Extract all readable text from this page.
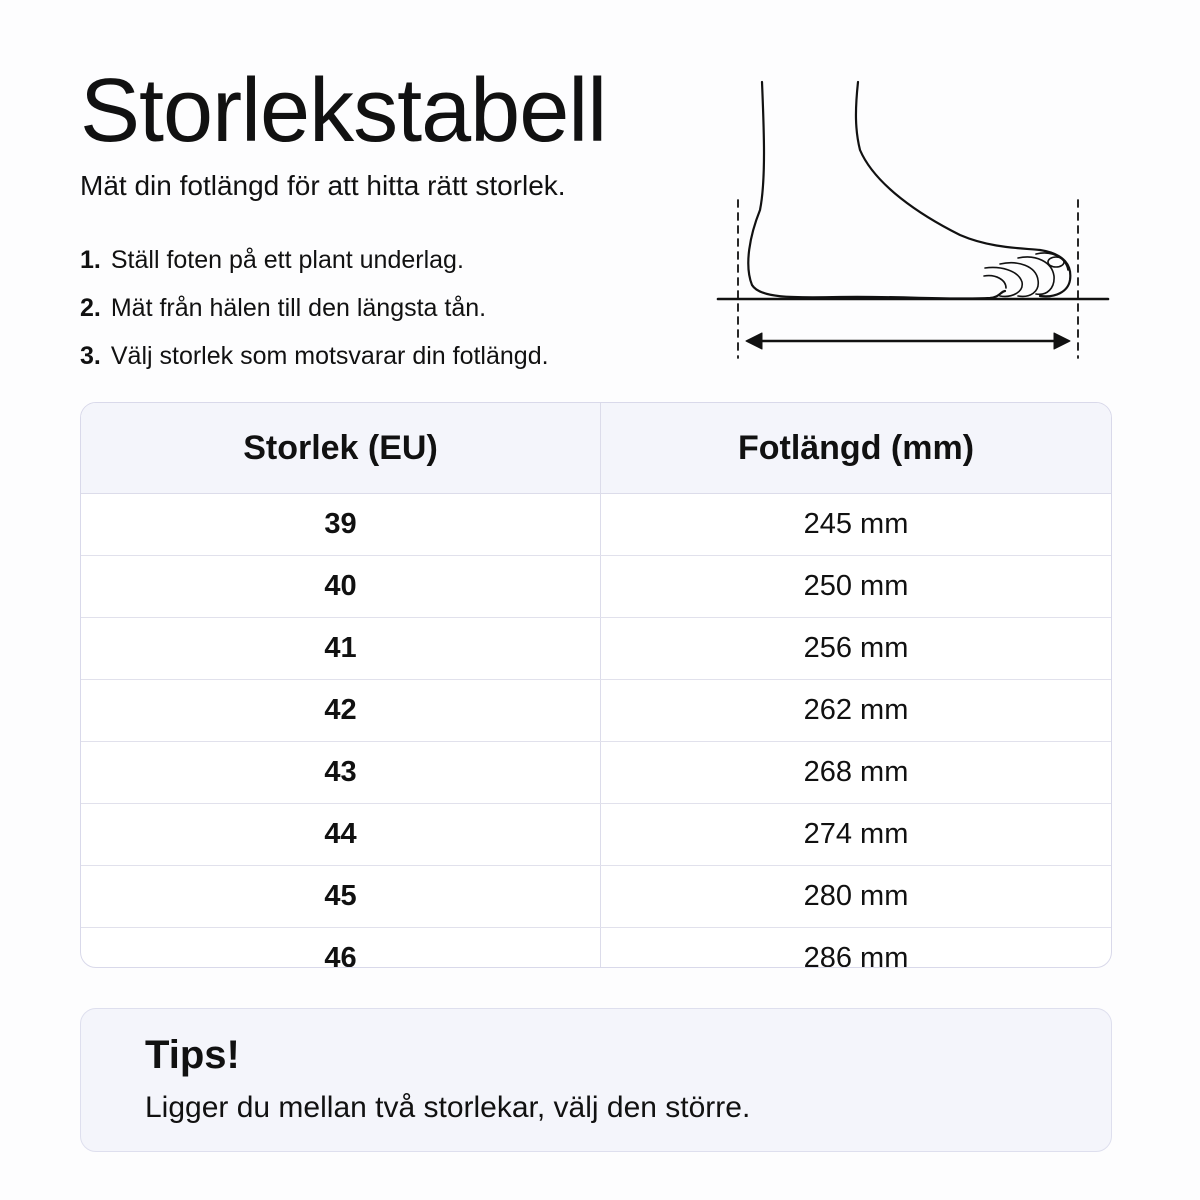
Storlekstabell

Mät din fotlängd för att hitta rätt storlek.

1. Ställ foten på ett plant underlag.
2. Mät från hälen till den längsta tån.
3. Välj storlek som motsvarar din fotlängd.
Storlek (EU)	Fotlängd (mm)
39	245 mm
40	250 mm
41	256 mm
42	262 mm
43	268 mm
44	274 mm
45	280 mm
46	286 mm
Tips!

Ligger du mellan två storlekar, välj den större.
